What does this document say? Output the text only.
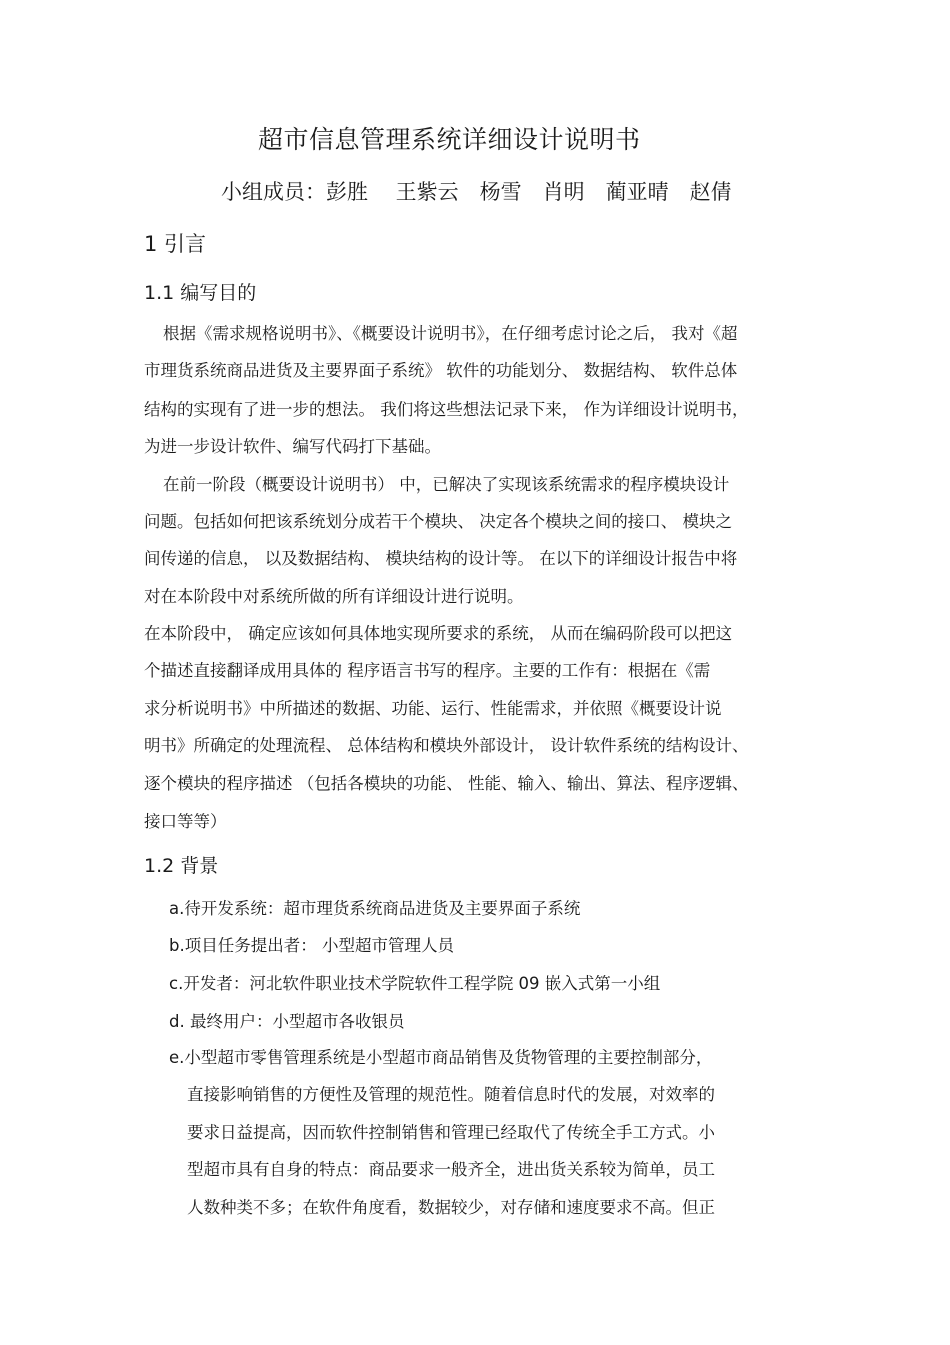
超市信息管理系统详细设计说明书
小组成员：彭胜　 王紫云　杨雪　肖明　蔺亚晴　赵倩
1 引言
1.1 编写目的
根据《需求规格说明书》、《概要设计说明书》，在仔细考虑讨论之后， 我对《超
市理货系统商品进货及主要界面子系统》 软件的功能划分、 数据结构、 软件总体
结构的实现有了进一步的想法。 我们将这些想法记录下来， 作为详细设计说明书，
为进一步设计软件、编写代码打下基础。
在前一阶段（概要设计说明书） 中，已解决了实现该系统需求的程序模块设计
问题。包括如何把该系统划分成若干个模块、 决定各个模块之间的接口、 模块之
间传递的信息， 以及数据结构、 模块结构的设计等。 在以下的详细设计报告中将
对在本阶段中对系统所做的所有详细设计进行说明。
在本阶段中， 确定应该如何具体地实现所要求的系统， 从而在编码阶段可以把这
个描述直接翻译成用具体的 程序语言书写的程序。主要的工作有：根据在《需
求分析说明书》中所描述的数据、功能、运行、性能需求，并依照《概要设计说
明书》所确定的处理流程、 总体结构和模块外部设计， 设计软件系统的结构设计、
逐个模块的程序描述 （包括各模块的功能、 性能、输入、输出、算法、程序逻辑、
接口等等）
1.2 背景
a.待开发系统：超市理货系统商品进货及主要界面子系统
b.项目任务提出者： 小型超市管理人员
c.开发者：河北软件职业技术学院软件工程学院 09 嵌入式第一小组
d. 最终用户：小型超市各收银员
e.小型超市零售管理系统是小型超市商品销售及货物管理的主要控制部分，
直接影响销售的方便性及管理的规范性。随着信息时代的发展，对效率的
要求日益提高，因而软件控制销售和管理已经取代了传统全手工方式。小
型超市具有自身的特点：商品要求一般齐全，进出货关系较为简单，员工
人数种类不多；在软件角度看，数据较少，对存储和速度要求不高。但正
